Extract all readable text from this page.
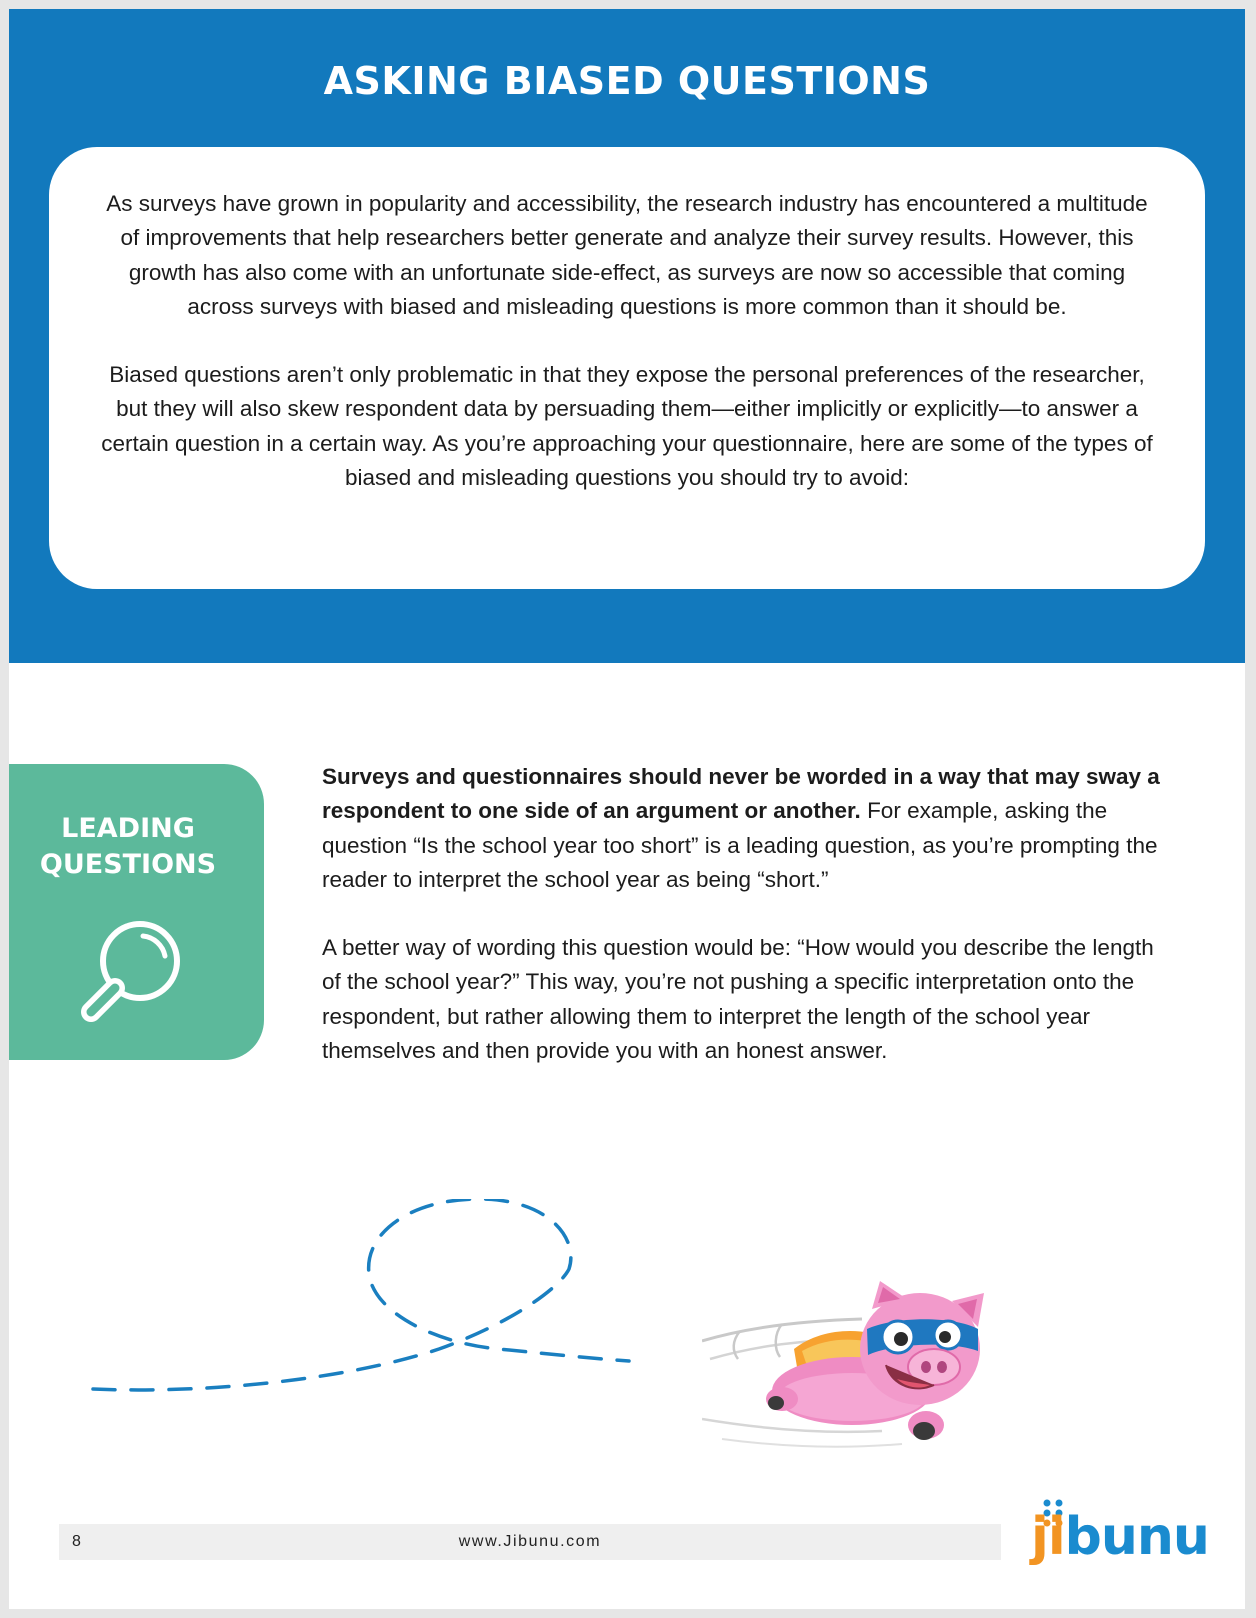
ASKING BIASED QUESTIONS

As surveys have grown in popularity and accessibility, the research industry has encountered a multitude of improvements that help researchers better generate and analyze their survey results. However, this growth has also come with an unfortunate side-effect, as surveys are now so accessible that coming across surveys with biased and misleading questions is more common than it should be.

Biased questions aren’t only problematic in that they expose the personal preferences of the researcher, but they will also skew respondent data by persuading them—either implicitly or explicitly—to answer a certain question in a certain way. As you’re approaching your questionnaire, here are some of the types of biased and misleading questions you should try to avoid:

LEADING
QUESTIONS

Surveys and questionnaires should never be worded in a way that may sway a respondent to one side of an argument or another. For example, asking the question “Is the school year too short” is a leading question, as you’re prompting the reader to interpret the school year as being “short.”

A better way of wording this question would be: “How would you describe the length of the school year?” This way, you’re not pushing a specific interpretation onto the respondent, but rather allowing them to interpret the length of the school year themselves and then provide you with an honest answer.

8	www.Jibunu.com	jibunu
